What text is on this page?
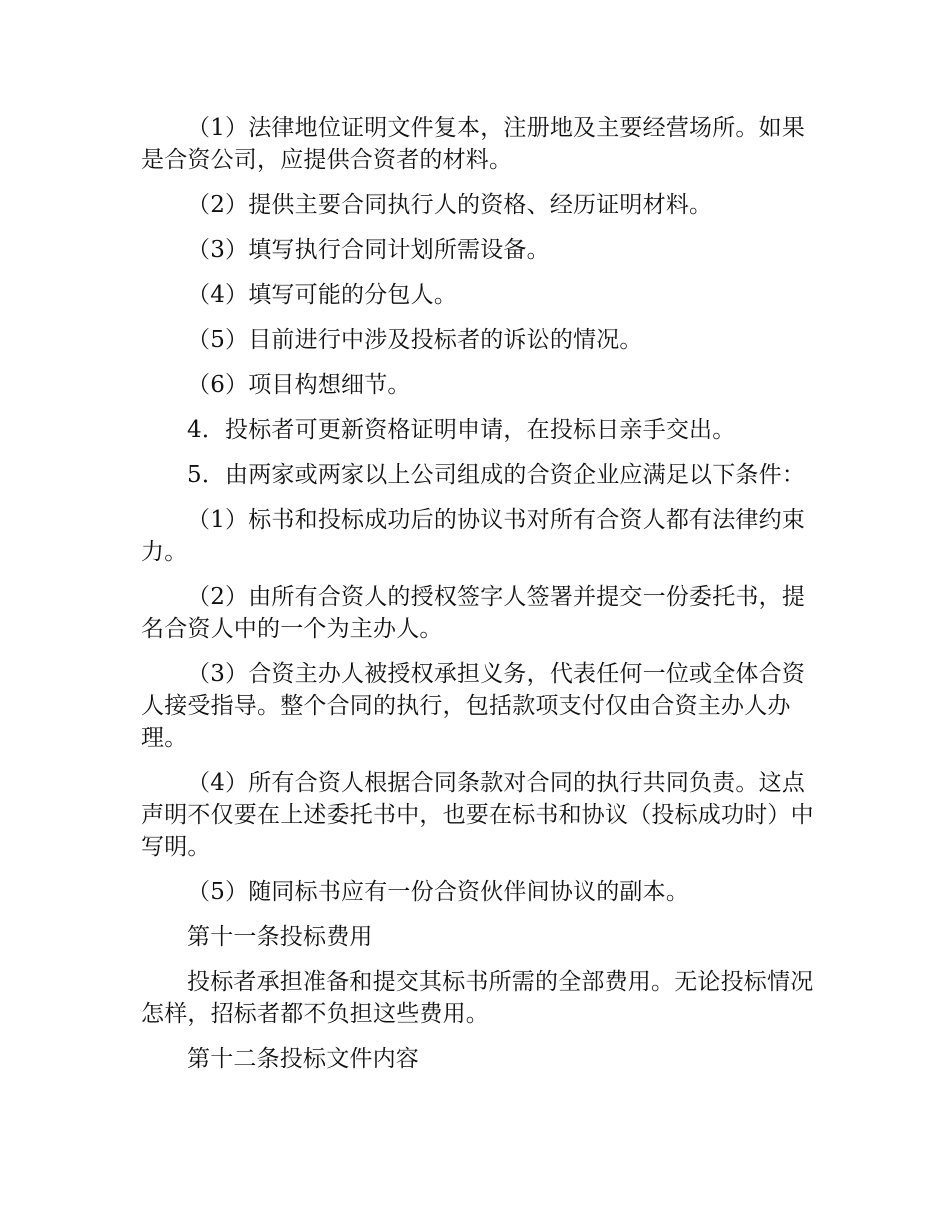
（1）法律地位证明文件复本，注册地及主要经营场所。如果是合资公司，应提供合资者的材料。

（2）提供主要合同执行人的资格、经历证明材料。

（3）填写执行合同计划所需设备。

（4）填写可能的分包人。

（5）目前进行中涉及投标者的诉讼的情况。

（6）项目构想细节。

4．投标者可更新资格证明申请，在投标日亲手交出。

5．由两家或两家以上公司组成的合资企业应满足以下条件：

（1）标书和投标成功后的协议书对所有合资人都有法律约束力。

（2）由所有合资人的授权签字人签署并提交一份委托书，提名合资人中的一个为主办人。

（3）合资主办人被授权承担义务，代表任何一位或全体合资人接受指导。整个合同的执行，包括款项支付仅由合资主办人办理。

（4）所有合资人根据合同条款对合同的执行共同负责。这点声明不仅要在上述委托书中，也要在标书和协议（投标成功时）中写明。

（5）随同标书应有一份合资伙伴间协议的副本。

第十一条投标费用

投标者承担准备和提交其标书所需的全部费用。无论投标情况怎样，招标者都不负担这些费用。

第十二条投标文件内容
